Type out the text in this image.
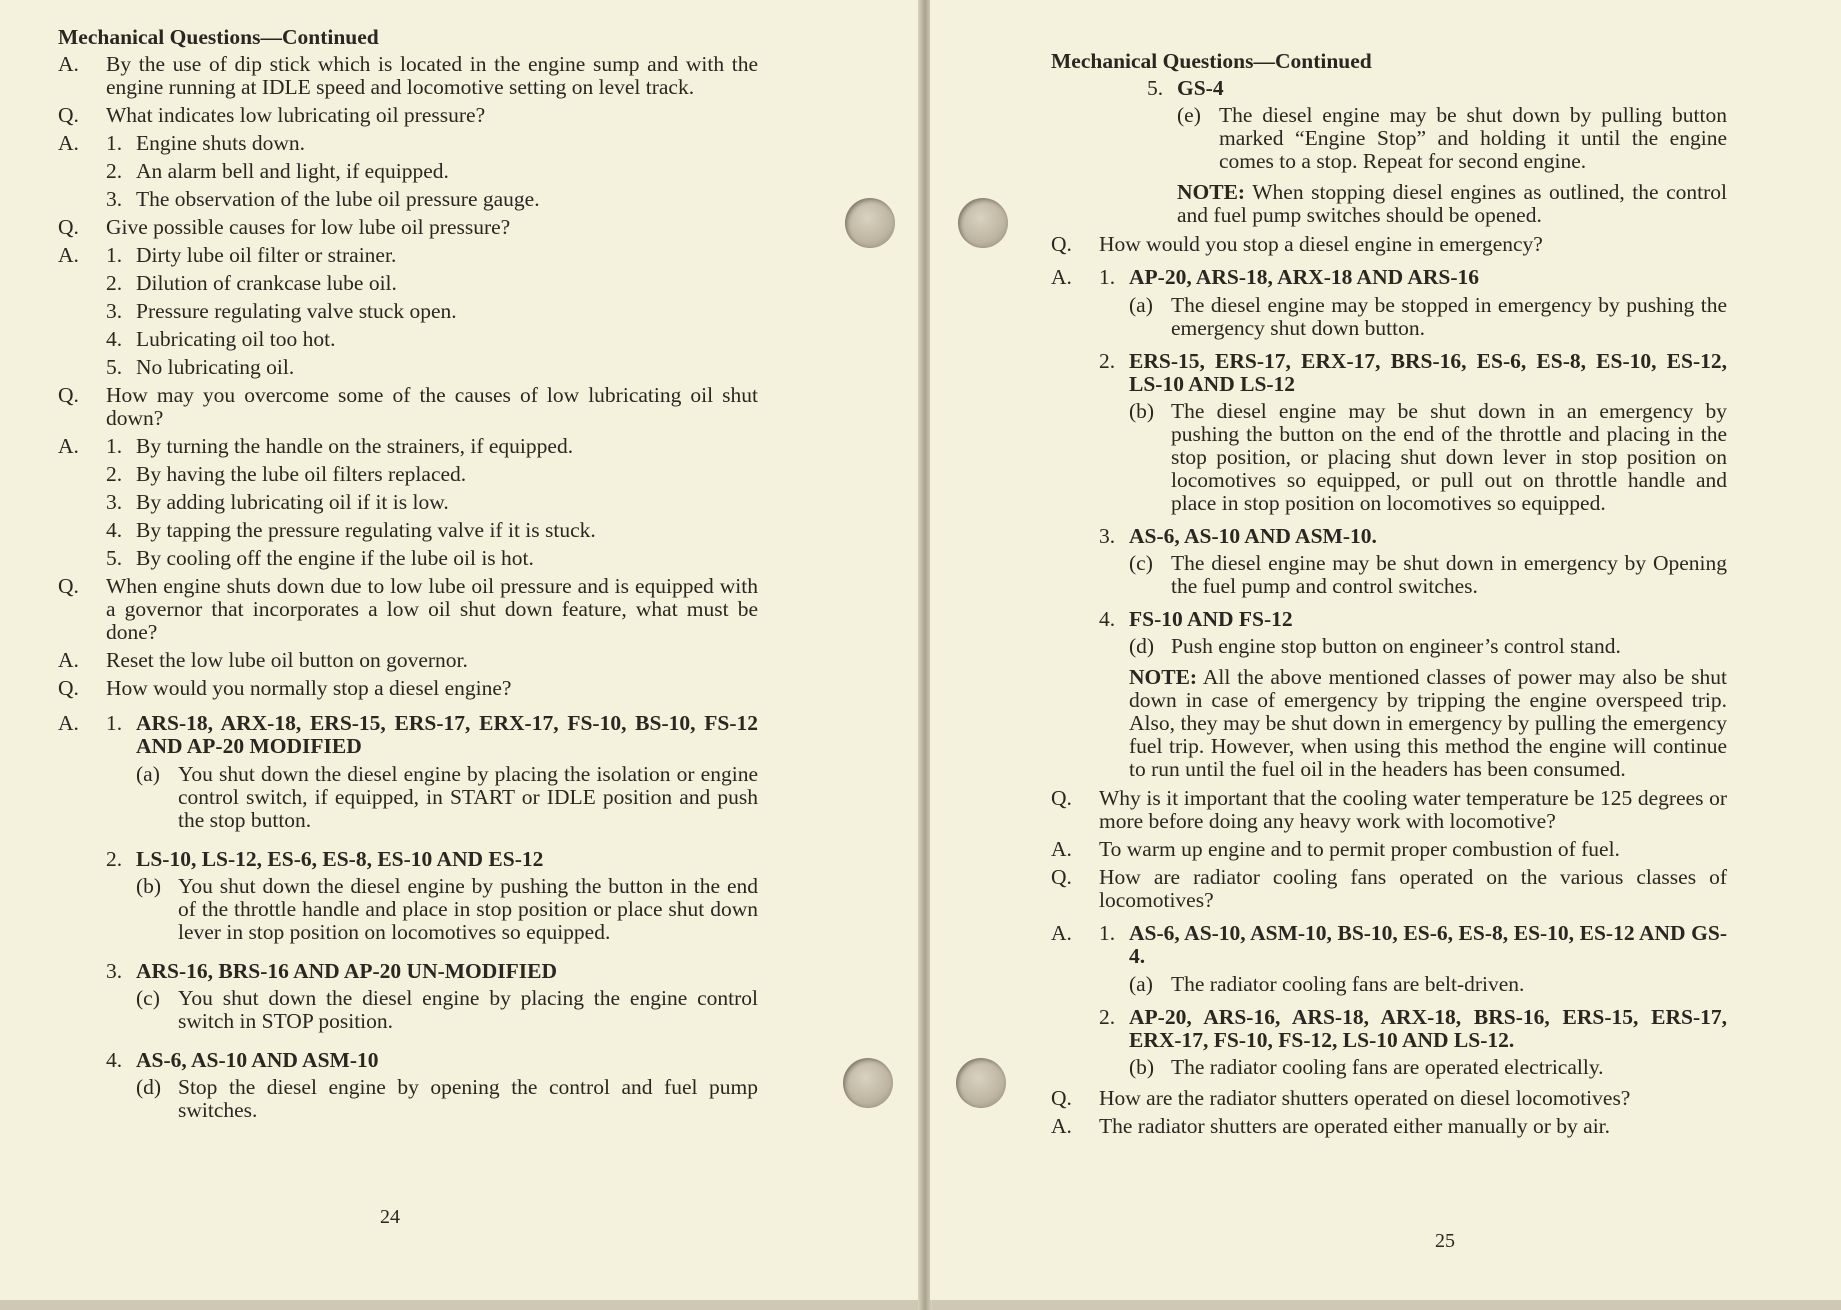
Mechanical Questions—Continued
A.	By the use of dip stick which is located in the engine sump and with the engine running at IDLE speed and locomotive setting on level track.
Q.	What indicates low lubricating oil pressure?
A.	1. Engine shuts down.
2. An alarm bell and light, if equipped.
3. The observation of the lube oil pressure gauge.
Q.	Give possible causes for low lube oil pressure?
A.	1. Dirty lube oil filter or strainer.
2. Dilution of crankcase lube oil.
3. Pressure regulating valve stuck open.
4. Lubricating oil too hot.
5. No lubricating oil.
Q.	How may you overcome some of the causes of low lubricating oil shut down?
A.	1. By turning the handle on the strainers, if equipped.
2. By having the lube oil filters replaced.
3. By adding lubricating oil if it is low.
4. By tapping the pressure regulating valve if it is stuck.
5. By cooling off the engine if the lube oil is hot.
Q.	When engine shuts down due to low lube oil pressure and is equipped with a governor that incorporates a low oil shut down feature, what must be done?
A.	Reset the low lube oil button on governor.
Q.	How would you normally stop a diesel engine?
A.	1. ARS-18, ARX-18, ERS-15, ERS-17, ERX-17, FS-10, BS-10, FS-12 AND AP-20 MODIFIED
(a) You shut down the diesel engine by placing the isolation or engine control switch, if equipped, in START or IDLE position and push the stop button.
2. LS-10, LS-12, ES-6, ES-8, ES-10 AND ES-12
(b) You shut down the diesel engine by pushing the button in the end of the throttle handle and place in stop position or place shut down lever in stop position on locomotives so equipped.
3. ARS-16, BRS-16 AND AP-20 UN-MODIFIED
(c) You shut down the diesel engine by placing the engine control switch in STOP position.
4. AS-6, AS-10 AND ASM-10
(d) Stop the diesel engine by opening the control and fuel pump switches.
24
Mechanical Questions—Continued
5. GS-4
(e) The diesel engine may be shut down by pulling button marked “Engine Stop” and holding it until the engine comes to a stop. Repeat for second engine.
NOTE: When stopping diesel engines as outlined, the control and fuel pump switches should be opened.
Q.	How would you stop a diesel engine in emergency?
A.	1. AP-20, ARS-18, ARX-18 AND ARS-16
(a) The diesel engine may be stopped in emergency by pushing the emergency shut down button.
2. ERS-15, ERS-17, ERX-17, BRS-16, ES-6, ES-8, ES-10, ES-12, LS-10 AND LS-12
(b) The diesel engine may be shut down in an emergency by pushing the button on the end of the throttle and placing in the stop position, or placing shut down lever in stop position on locomotives so equipped, or pull out on throttle handle and place in stop position on locomotives so equipped.
3. AS-6, AS-10 AND ASM-10.
(c) The diesel engine may be shut down in emergency by Opening the fuel pump and control switches.
4. FS-10 AND FS-12
(d) Push engine stop button on engineer’s control stand.
NOTE: All the above mentioned classes of power may also be shut down in case of emergency by tripping the engine overspeed trip. Also, they may be shut down in emergency by pulling the emergency fuel trip. However, when using this method the engine will continue to run until the fuel oil in the headers has been consumed.
Q.	Why is it important that the cooling water temperature be 125 degrees or more before doing any heavy work with locomotive?
A.	To warm up engine and to permit proper combustion of fuel.
Q.	How are radiator cooling fans operated on the various classes of locomotives?
A.	1. AS-6, AS-10, ASM-10, BS-10, ES-6, ES-8, ES-10, ES-12 AND GS-4.
(a) The radiator cooling fans are belt-driven.
2. AP-20, ARS-16, ARS-18, ARX-18, BRS-16, ERS-15, ERS-17, ERX-17, FS-10, FS-12, LS-10 AND LS-12.
(b) The radiator cooling fans are operated electrically.
Q.	How are the radiator shutters operated on diesel locomotives?
A.	The radiator shutters are operated either manually or by air.
25
